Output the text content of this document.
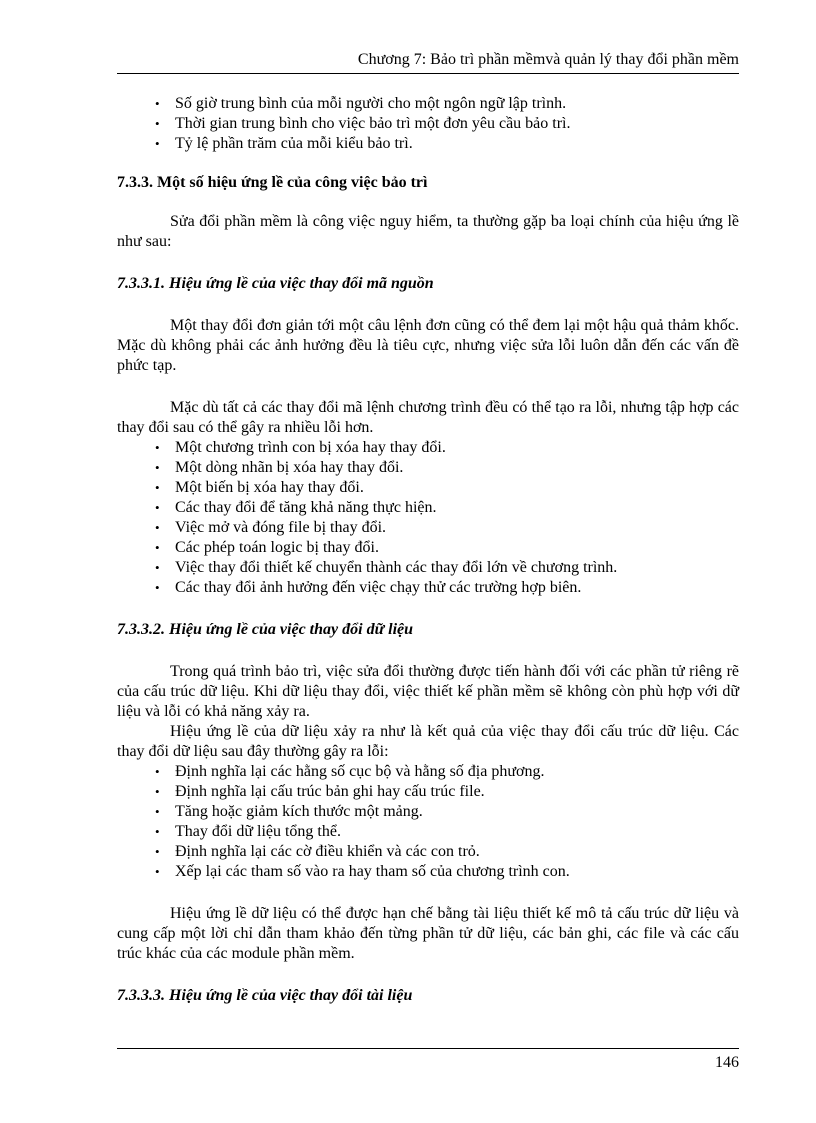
Chương 7: Bảo trì phần mềmvà quản lý thay đổi phần mềm
• Số giờ trung bình của mỗi người cho một ngôn ngữ lập trình.
• Thời gian trung bình cho việc bảo trì một đơn yêu cầu bảo trì.
• Tỷ lệ phần trăm của mỗi kiểu bảo trì.
7.3.3. Một số hiệu ứng lề của công việc bảo trì

Sửa đổi phần mềm là công việc nguy hiểm, ta thường gặp ba loại chính của hiệu ứng lề như sau:

7.3.3.1. Hiệu ứng lề của việc thay đổi mã nguồn

Một thay đổi đơn giản tới một câu lệnh đơn cũng có thể đem lại một hậu quả thảm khốc. Mặc dù không phải các ảnh hưởng đều là tiêu cực, nhưng việc sửa lỗi luôn dẫn đến các vấn đề phức tạp.

Mặc dù tất cả các thay đổi mã lệnh chương trình đều có thể tạo ra lỗi, nhưng tập hợp các thay đổi sau có thể gây ra nhiều lỗi hơn.

• Một chương trình con bị xóa hay thay đổi.
• Một dòng nhãn bị xóa hay thay đổi.
• Một biến bị xóa hay thay đổi.
• Các thay đổi để tăng khả năng thực hiện.
• Việc mở và đóng file bị thay đổi.
• Các phép toán logic bị thay đổi.
• Việc thay đổi thiết kế chuyển thành các thay đổi lớn về chương trình.
• Các thay đổi ảnh hưởng đến việc chạy thử các trường hợp biên.
7.3.3.2. Hiệu ứng lề của việc thay đổi dữ liệu

Trong quá trình bảo trì, việc sửa đổi thường được tiến hành đối với các phần tử riêng rẽ của cấu trúc dữ liệu. Khi dữ liệu thay đổi, việc thiết kế phần mềm sẽ không còn phù hợp với dữ liệu và lỗi có khả năng xảy ra.

Hiệu ứng lề của dữ liệu xảy ra như là kết quả của việc thay đổi cấu trúc dữ liệu. Các thay đổi dữ liệu sau đây thường gây ra lỗi:

• Định nghĩa lại các hằng số cục bộ và hằng số địa phương.
• Định nghĩa lại cấu trúc bản ghi hay cấu trúc file.
• Tăng hoặc giảm kích thước một mảng.
• Thay đổi dữ liệu tổng thể.
• Định nghĩa lại các cờ điều khiển và các con trỏ.
• Xếp lại các tham số vào ra hay tham số của chương trình con.

Hiệu ứng lề dữ liệu có thể được hạn chế bằng tài liệu thiết kế mô tả cấu trúc dữ liệu và cung cấp một lời chỉ dẫn tham khảo đến từng phần tử dữ liệu, các bản ghi, các file và các cấu trúc khác của các module phần mềm.

7.3.3.3. Hiệu ứng lề của việc thay đổi tài liệu
146
